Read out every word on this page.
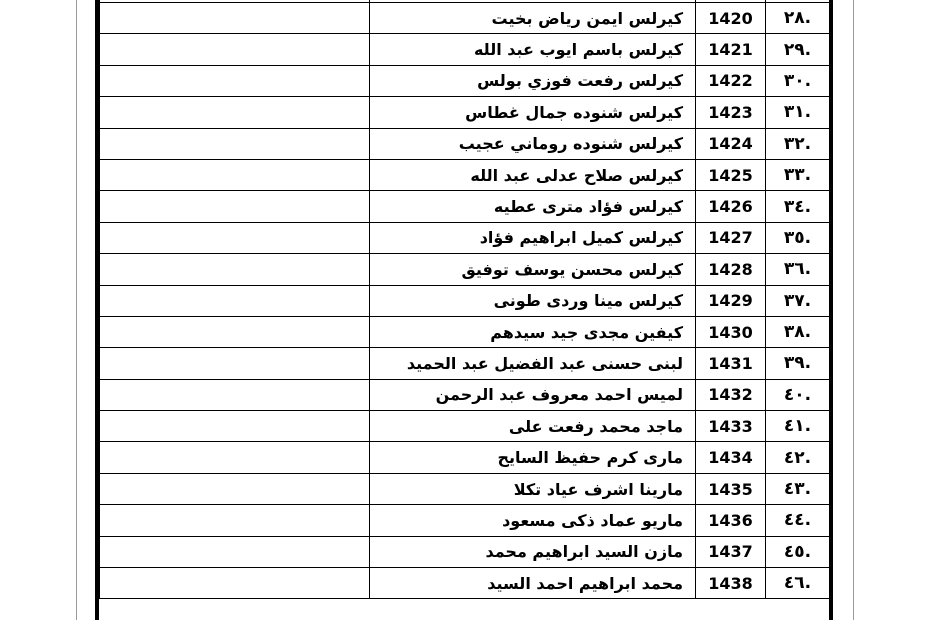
.٢٨	1420	كيرلس ايمن رياض بخيت	
.٢٩	1421	كيرلس باسم ايوب عبد الله	
.٣٠	1422	كيرلس رفعت فوزي بولس	
.٣١	1423	كيرلس شنوده جمال غطاس	
.٣٢	1424	كيرلس شنوده روماني عجيب	
.٣٣	1425	كيرلس صلاح عدلى عبد الله	
.٣٤	1426	كيرلس فؤاد مترى عطيه	
.٣٥	1427	كيرلس كميل ابراهيم فؤاد	
.٣٦	1428	كيرلس محسن يوسف توفيق	
.٣٧	1429	كيرلس مينا وردى طونى	
.٣٨	1430	كيفين مجدى جيد سيدهم	
.٣٩	1431	لبنى حسنى عبد الفضيل عبد الحميد	
.٤٠	1432	لميس احمد معروف عبد الرحمن	
.٤١	1433	ماجد محمد رفعت على	
.٤٢	1434	مارى كرم حفيظ السايح	
.٤٣	1435	مارينا اشرف عياد تكلا	
.٤٤	1436	ماريو عماد ذكى مسعود	
.٤٥	1437	مازن السيد ابراهيم محمد	
.٤٦	1438	محمد ابراهيم احمد السيد	
